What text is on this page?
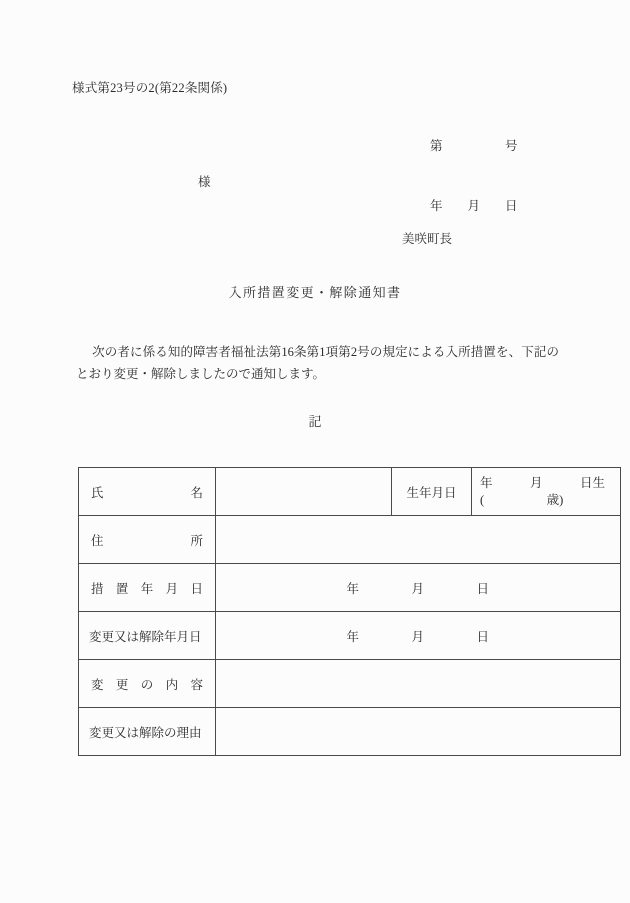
様式第23号の2(第22条関係)

第　　　　　号

年　　月　　日

様
美咲町長
入所措置変更・解除通知書
次の者に係る知的障害者福祉法第16条第1項第2号の規定による入所措置を、下記のとおり変更・解除しましたので通知します。
記
氏 名		生年月日	年　　　月　　　日生
(　　　　　歳)

住 所			

措 置 年 月 日	年　　　　月　　　　日		

変更又は解除年月日	年　　　　月　　　　日		

変 更 の 内 容			

変更又は解除の理由			
